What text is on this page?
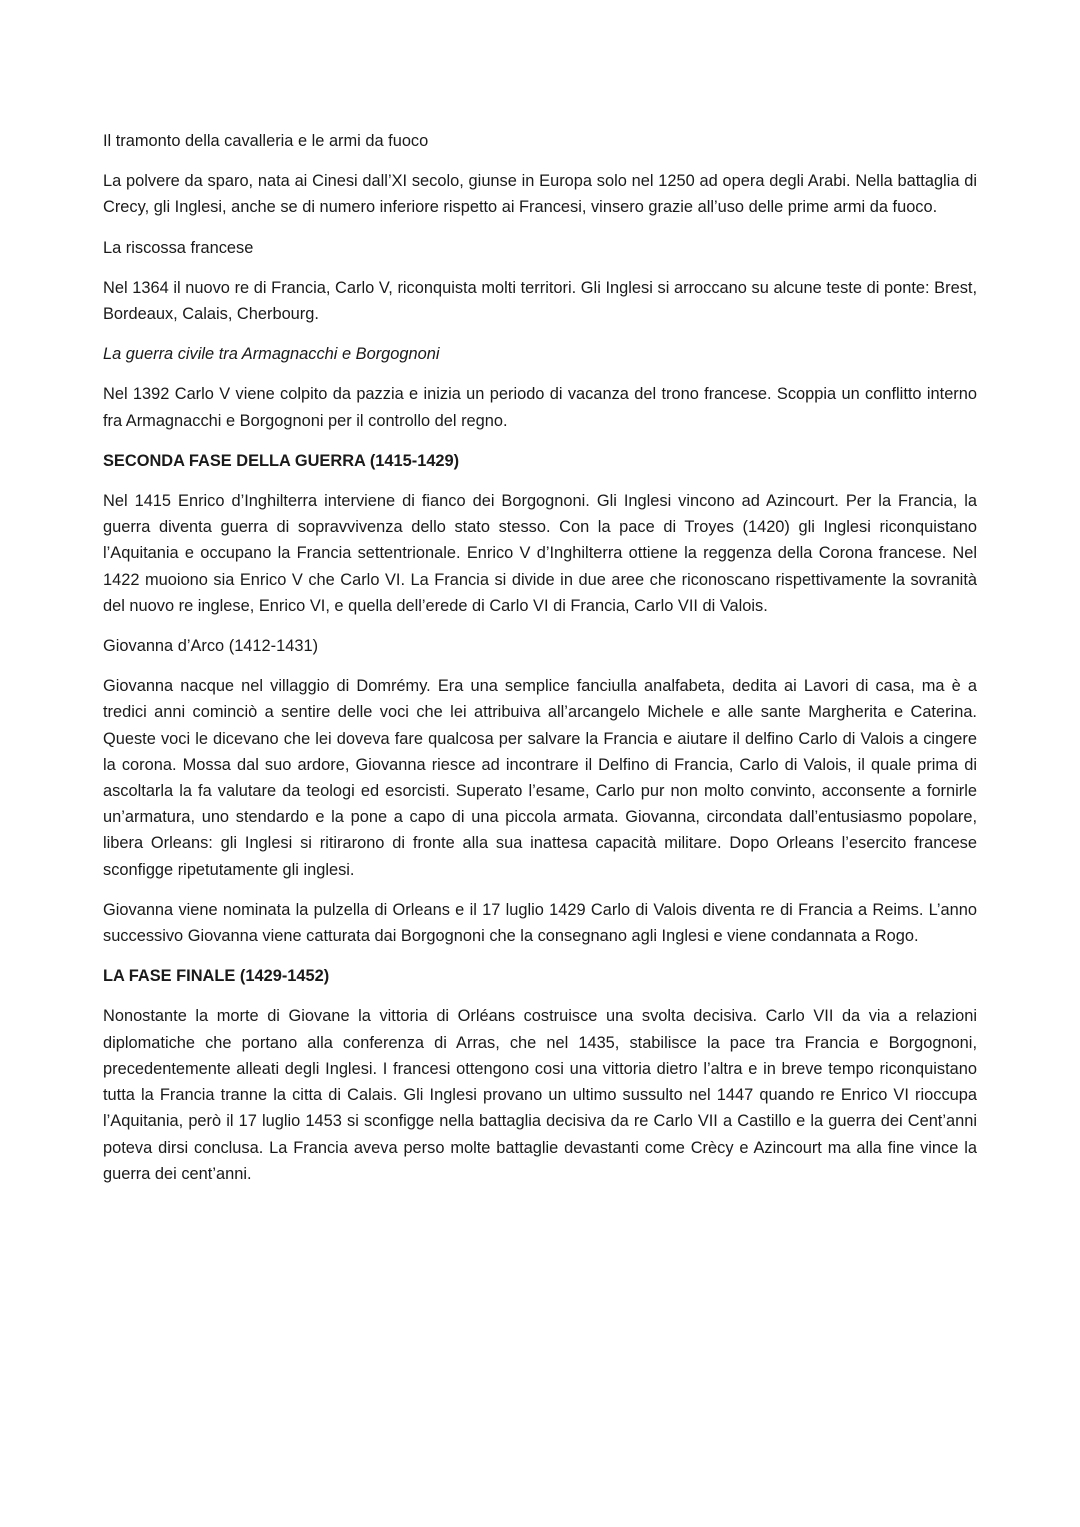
Il tramonto della cavalleria e le armi da fuoco

La polvere da sparo, nata ai Cinesi dall’XI secolo, giunse in Europa solo nel 1250 ad opera degli Arabi. Nella battaglia di Crecy, gli Inglesi, anche se di numero inferiore rispetto ai Francesi, vinsero grazie all’uso delle prime armi da fuoco.

La riscossa francese

Nel 1364 il nuovo re di Francia, Carlo V, riconquista molti territori. Gli Inglesi si arroccano su alcune teste di ponte: Brest, Bordeaux, Calais, Cherbourg.

La guerra civile tra Armagnacchi e Borgognoni

Nel 1392 Carlo V viene colpito da pazzia e inizia un periodo di vacanza del trono francese. Scoppia un conflitto interno fra Armagnacchi e Borgognoni per il controllo del regno.

SECONDA FASE DELLA GUERRA (1415-1429)

Nel 1415 Enrico d’Inghilterra interviene di fianco dei Borgognoni. Gli Inglesi vincono ad Azincourt. Per la Francia, la guerra diventa guerra di sopravvivenza dello stato stesso. Con la pace di Troyes (1420) gli Inglesi riconquistano l’Aquitania e occupano la Francia settentrionale. Enrico V d’Inghilterra ottiene la reggenza della Corona francese. Nel 1422 muoiono sia Enrico V che Carlo VI. La Francia si divide in due aree che riconoscano rispettivamente la sovranità del nuovo re inglese, Enrico VI, e quella dell’erede di Carlo VI di Francia, Carlo VII di Valois.

Giovanna d’Arco (1412-1431)

Giovanna nacque nel villaggio di Domrémy. Era una semplice fanciulla analfabeta, dedita ai Lavori di casa, ma è a tredici anni cominciò a sentire delle voci che lei attribuiva all’arcangelo Michele e alle sante Margherita e Caterina. Queste voci le dicevano che lei doveva fare qualcosa per salvare la Francia e aiutare il delfino Carlo di Valois a cingere la corona. Mossa dal suo ardore, Giovanna riesce ad incontrare il Delfino di Francia, Carlo di Valois, il quale prima di ascoltarla la fa valutare da teologi ed esorcisti. Superato l’esame, Carlo pur non molto convinto, acconsente a fornirle un’armatura, uno stendardo e la pone a capo di una piccola armata. Giovanna, circondata dall’entusiasmo popolare, libera Orleans: gli Inglesi si ritirarono di fronte alla sua inattesa capacità militare. Dopo Orleans l’esercito francese sconfigge ripetutamente gli inglesi.

Giovanna viene nominata la pulzella di Orleans e il 17 luglio 1429 Carlo di Valois diventa re di Francia a Reims. L’anno successivo Giovanna viene catturata dai Borgognoni che la consegnano agli Inglesi e viene condannata a Rogo.

LA FASE FINALE (1429-1452)

Nonostante la morte di Giovane la vittoria di Orléans costruisce una svolta decisiva. Carlo VII da via a relazioni diplomatiche che portano alla conferenza di Arras, che nel 1435, stabilisce la pace tra Francia e Borgognoni, precedentemente alleati degli Inglesi. I francesi ottengono cosi una vittoria dietro l’altra e in breve tempo riconquistano tutta la Francia tranne la citta di Calais. Gli Inglesi provano un ultimo sussulto nel 1447 quando re Enrico VI rioccupa l’Aquitania, però il 17 luglio 1453 si sconfigge nella battaglia decisiva da re Carlo VII a Castillo e la guerra dei Cent’anni poteva dirsi conclusa. La Francia aveva perso molte battaglie devastanti come Crècy e Azincourt ma alla fine vince la guerra dei cent’anni.
